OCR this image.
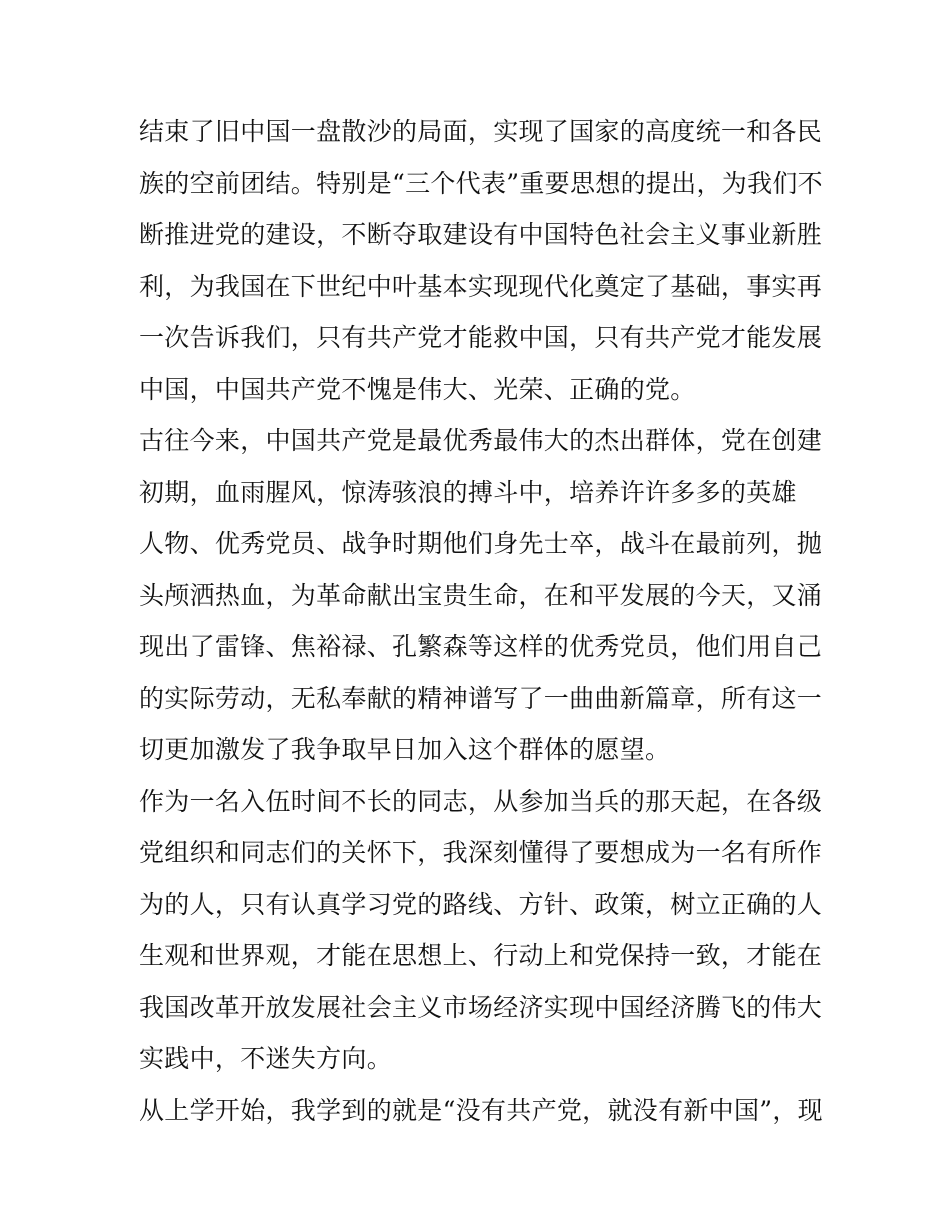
结束了旧中国一盘散沙的局面，实现了国家的高度统一和各民
族的空前团结。特别是“三个代表”重要思想的提出，为我们不
断推进党的建设，不断夺取建设有中国特色社会主义事业新胜
利，为我国在下世纪中叶基本实现现代化奠定了基础，事实再
一次告诉我们，只有共产党才能救中国，只有共产党才能发展
中国，中国共产党不愧是伟大、光荣、正确的党。
古往今来，中国共产党是最优秀最伟大的杰出群体，党在创建
初期，血雨腥风，惊涛骇浪的搏斗中，培养许许多多的英雄
人物、优秀党员、战争时期他们身先士卒，战斗在最前列，抛
头颅洒热血，为革命献出宝贵生命，在和平发展的今天，又涌
现出了雷锋、焦裕禄、孔繁森等这样的优秀党员，他们用自己
的实际劳动，无私奉献的精神谱写了一曲曲新篇章，所有这一
切更加激发了我争取早日加入这个群体的愿望。
作为一名入伍时间不长的同志，从参加当兵的那天起，在各级
党组织和同志们的关怀下，我深刻懂得了要想成为一名有所作
为的人，只有认真学习党的路线、方针、政策，树立正确的人
生观和世界观，才能在思想上、行动上和党保持一致，才能在
我国改革开放发展社会主义市场经济实现中国经济腾飞的伟大
实践中，不迷失方向。
从上学开始，我学到的就是“没有共产党，就没有新中国”，现
